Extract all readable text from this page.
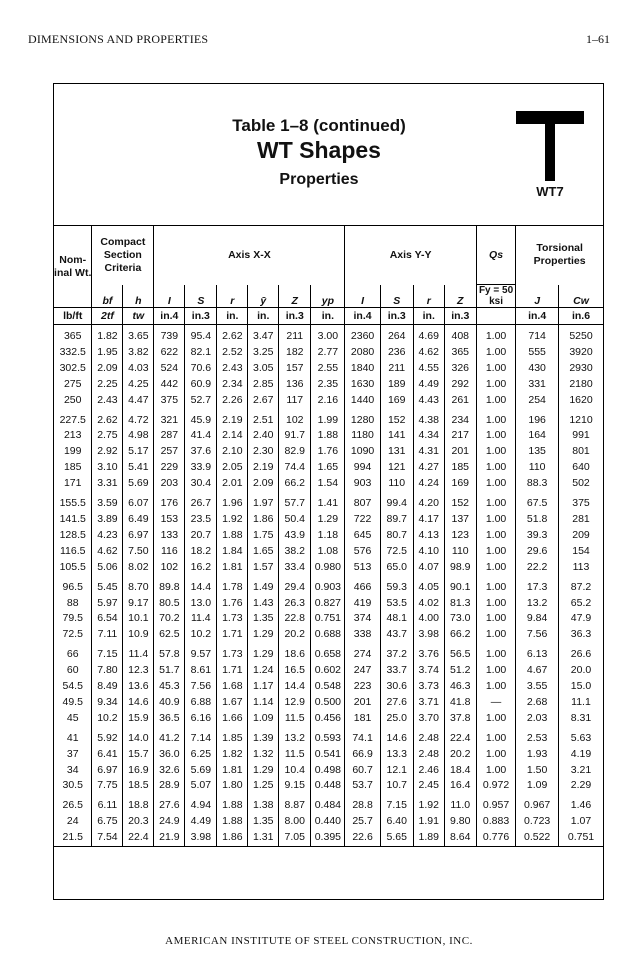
DIMENSIONS AND PROPERTIES	1–61
Table 1–8 (continued)
WT Shapes
Properties
WT7
Nom-inal Wt.	Compact Section Criteria		Axis X-X						Axis Y-Y				Qs	Torsional Properties	
	bf	h	I	S	r	ȳ	Z	yp	I	S	r	Z	Fy = 50 ksi	J	Cw
lb/ft	2tf	tw	in.4	in.3	in.	in.	in.3	in.	in.4	in.3	in.	in.3		in.4	in.6
365	1.82	3.65	739	95.4	2.62	3.47	211	3.00	2360	264	4.69	408	1.00	714	5250
332.5	1.95	3.82	622	82.1	2.52	3.25	182	2.77	2080	236	4.62	365	1.00	555	3920
302.5	2.09	4.03	524	70.6	2.43	3.05	157	2.55	1840	211	4.55	326	1.00	430	2930
275	2.25	4.25	442	60.9	2.34	2.85	136	2.35	1630	189	4.49	292	1.00	331	2180
250	2.43	4.47	375	52.7	2.26	2.67	117	2.16	1440	169	4.43	261	1.00	254	1620
227.5	2.62	4.72	321	45.9	2.19	2.51	102	1.99	1280	152	4.38	234	1.00	196	1210
213	2.75	4.98	287	41.4	2.14	2.40	91.7	1.88	1180	141	4.34	217	1.00	164	991
199	2.92	5.17	257	37.6	2.10	2.30	82.9	1.76	1090	131	4.31	201	1.00	135	801
185	3.10	5.41	229	33.9	2.05	2.19	74.4	1.65	994	121	4.27	185	1.00	110	640
171	3.31	5.69	203	30.4	2.01	2.09	66.2	1.54	903	110	4.24	169	1.00	88.3	502
155.5	3.59	6.07	176	26.7	1.96	1.97	57.7	1.41	807	99.4	4.20	152	1.00	67.5	375
141.5	3.89	6.49	153	23.5	1.92	1.86	50.4	1.29	722	89.7	4.17	137	1.00	51.8	281
128.5	4.23	6.97	133	20.7	1.88	1.75	43.9	1.18	645	80.7	4.13	123	1.00	39.3	209
116.5	4.62	7.50	116	18.2	1.84	1.65	38.2	1.08	576	72.5	4.10	110	1.00	29.6	154
105.5	5.06	8.02	102	16.2	1.81	1.57	33.4	0.980	513	65.0	4.07	98.9	1.00	22.2	113
96.5	5.45	8.70	89.8	14.4	1.78	1.49	29.4	0.903	466	59.3	4.05	90.1	1.00	17.3	87.2
88	5.97	9.17	80.5	13.0	1.76	1.43	26.3	0.827	419	53.5	4.02	81.3	1.00	13.2	65.2
79.5	6.54	10.1	70.2	11.4	1.73	1.35	22.8	0.751	374	48.1	4.00	73.0	1.00	9.84	47.9
72.5	7.11	10.9	62.5	10.2	1.71	1.29	20.2	0.688	338	43.7	3.98	66.2	1.00	7.56	36.3
66	7.15	11.4	57.8	9.57	1.73	1.29	18.6	0.658	274	37.2	3.76	56.5	1.00	6.13	26.6
60	7.80	12.3	51.7	8.61	1.71	1.24	16.5	0.602	247	33.7	3.74	51.2	1.00	4.67	20.0
54.5	8.49	13.6	45.3	7.56	1.68	1.17	14.4	0.548	223	30.6	3.73	46.3	1.00	3.55	15.0
49.5	9.34	14.6	40.9	6.88	1.67	1.14	12.9	0.500	201	27.6	3.71	41.8	—	2.68	11.1
45	10.2	15.9	36.5	6.16	1.66	1.09	11.5	0.456	181	25.0	3.70	37.8	1.00	2.03	8.31
41	5.92	14.0	41.2	7.14	1.85	1.39	13.2	0.593	74.1	14.6	2.48	22.4	1.00	2.53	5.63
37	6.41	15.7	36.0	6.25	1.82	1.32	11.5	0.541	66.9	13.3	2.48	20.2	1.00	1.93	4.19
34	6.97	16.9	32.6	5.69	1.81	1.29	10.4	0.498	60.7	12.1	2.46	18.4	1.00	1.50	3.21
30.5	7.75	18.5	28.9	5.07	1.80	1.25	9.15	0.448	53.7	10.7	2.45	16.4	0.972	1.09	2.29
26.5	6.11	18.8	27.6	4.94	1.88	1.38	8.87	0.484	28.8	7.15	1.92	11.0	0.957	0.967	1.46
24	6.75	20.3	24.9	4.49	1.88	1.35	8.00	0.440	25.7	6.40	1.91	9.80	0.883	0.723	1.07
21.5	7.54	22.4	21.9	3.98	1.86	1.31	7.05	0.395	22.6	5.65	1.89	8.64	0.776	0.522	0.751
AMERICAN INSTITUTE OF STEEL CONSTRUCTION, INC.
